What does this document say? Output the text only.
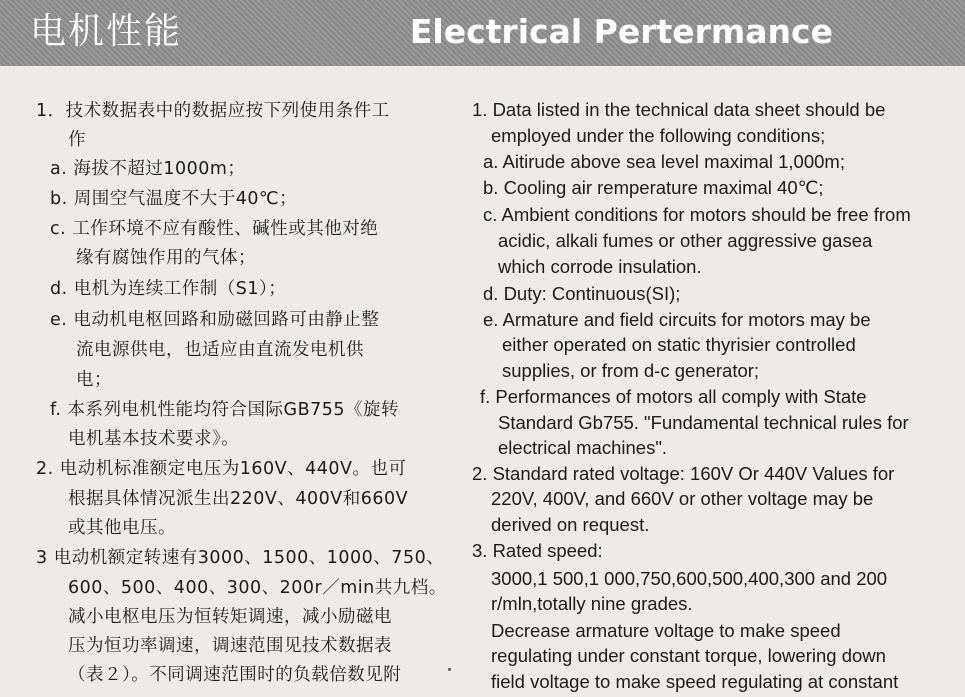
电机性能	Electrical Pertermance
1．技术数据表中的数据应按下列使用条件工
作
a. 海拔不超过1000m；
b. 周围空气温度不大于40℃；
c. 工作环境不应有酸性、碱性或其他对绝
缘有腐蚀作用的气体；
d. 电机为连续工作制（S1）；
e. 电动机电枢回路和励磁回路可由静止整
流电源供电，也适应由直流发电机供
电；
f. 本系列电机性能均符合国际GB755《旋转
电机基本技术要求》。
2. 电动机标准额定电压为160V、440V。也可
根据具体情况派生出220V、400V和660V
或其他电压。
3 电动机额定转速有3000、1500、1000、750、
600、500、400、300、200r／min共九档。
减小电枢电压为恒转矩调速，减小励磁电
压为恒功率调速，调速范围见技术数据表
（表２）。不同调速范围时的负载倍数见附
1. Data listed in the technical data sheet should be
employed under the following conditions;
a. Aitirude above sea level maximal 1,000m;
b. Cooling air remperature maximal 40℃;
c. Ambient conditions for motors should be free from
acidic, alkali fumes or other aggressive gasea
which corrode insulation.
d. Duty: Continuous(SI);
e. Armature and field circuits for motors may be
either operated on static thyrisier controlled
supplies, or from d-c generator;
f. Performances of motors all comply with State
Standard Gb755. "Fundamental technical rules for
electrical machines".
2. Standard rated voltage: 160V Or 440V Values for
220V, 400V, and 660V or other voltage may be
derived on request.
3. Rated speed:
3000,1 500,1 000,750,600,500,400,300 and 200
r/mln,totally nine grades.
Decrease armature voltage to make speed
regulating under constant torque, lowering down
field voltage to make speed regulating at constant
